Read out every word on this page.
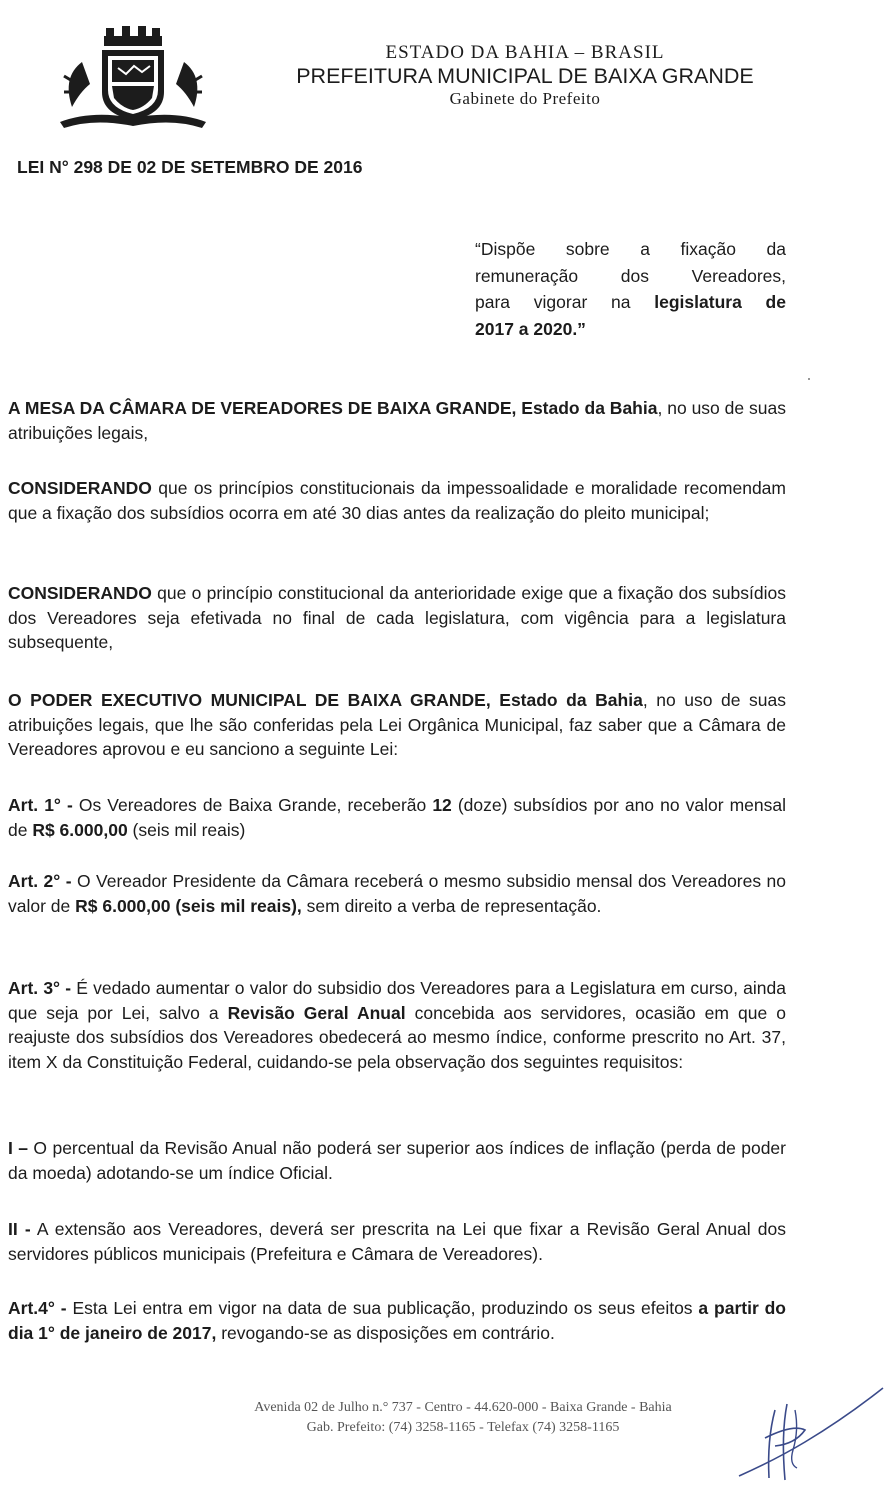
ESTADO DA BAHIA – BRASIL
PREFEITURA MUNICIPAL DE BAIXA GRANDE
Gabinete do Prefeito
LEI N° 298 DE 02 DE SETEMBRO DE 2016
“Dispõe sobre a fixação da
remuneração dos Vereadores,
para vigorar na legislatura de
2017 a 2020.”
A MESA DA CÂMARA DE VEREADORES DE BAIXA GRANDE, Estado da Bahia, no uso de suas atribuições legais,
CONSIDERANDO que os princípios constitucionais da impessoalidade e moralidade recomendam que a fixação dos subsídios ocorra em até 30 dias antes da realização do pleito municipal;
CONSIDERANDO que o princípio constitucional da anterioridade exige que a fixação dos subsídios dos Vereadores seja efetivada no final de cada legislatura, com vigência para a legislatura subsequente,
O PODER EXECUTIVO MUNICIPAL DE BAIXA GRANDE, Estado da Bahia, no uso de suas atribuições legais, que lhe são conferidas pela Lei Orgânica Municipal, faz saber que a Câmara de Vereadores aprovou e eu sanciono a seguinte Lei:
Art. 1° - Os Vereadores de Baixa Grande, receberão 12 (doze) subsídios por ano no valor mensal de R$ 6.000,00 (seis mil reais)
Art. 2° - O Vereador Presidente da Câmara receberá o mesmo subsidio mensal dos Vereadores no valor de R$ 6.000,00 (seis mil reais), sem direito a verba de representação.
Art. 3° - É vedado aumentar o valor do subsidio dos Vereadores para a Legislatura em curso, ainda que seja por Lei, salvo a Revisão Geral Anual concebida aos servidores, ocasião em que o reajuste dos subsídios dos Vereadores obedecerá ao mesmo índice, conforme prescrito no Art. 37, item X da Constituição Federal, cuidando-se pela observação dos seguintes requisitos:
I – O percentual da Revisão Anual não poderá ser superior aos índices de inflação (perda de poder da moeda) adotando-se um índice Oficial.
II - A extensão aos Vereadores, deverá ser prescrita na Lei que fixar a Revisão Geral Anual dos servidores públicos municipais (Prefeitura e Câmara de Vereadores).
Art.4° - Esta Lei entra em vigor na data de sua publicação, produzindo os seus efeitos a partir do dia 1° de janeiro de 2017, revogando-se as disposições em contrário.
Avenida 02 de Julho n.° 737 - Centro - 44.620-000 - Baixa Grande - Bahia
Gab. Prefeito: (74) 3258-1165 - Telefax (74) 3258-1165
